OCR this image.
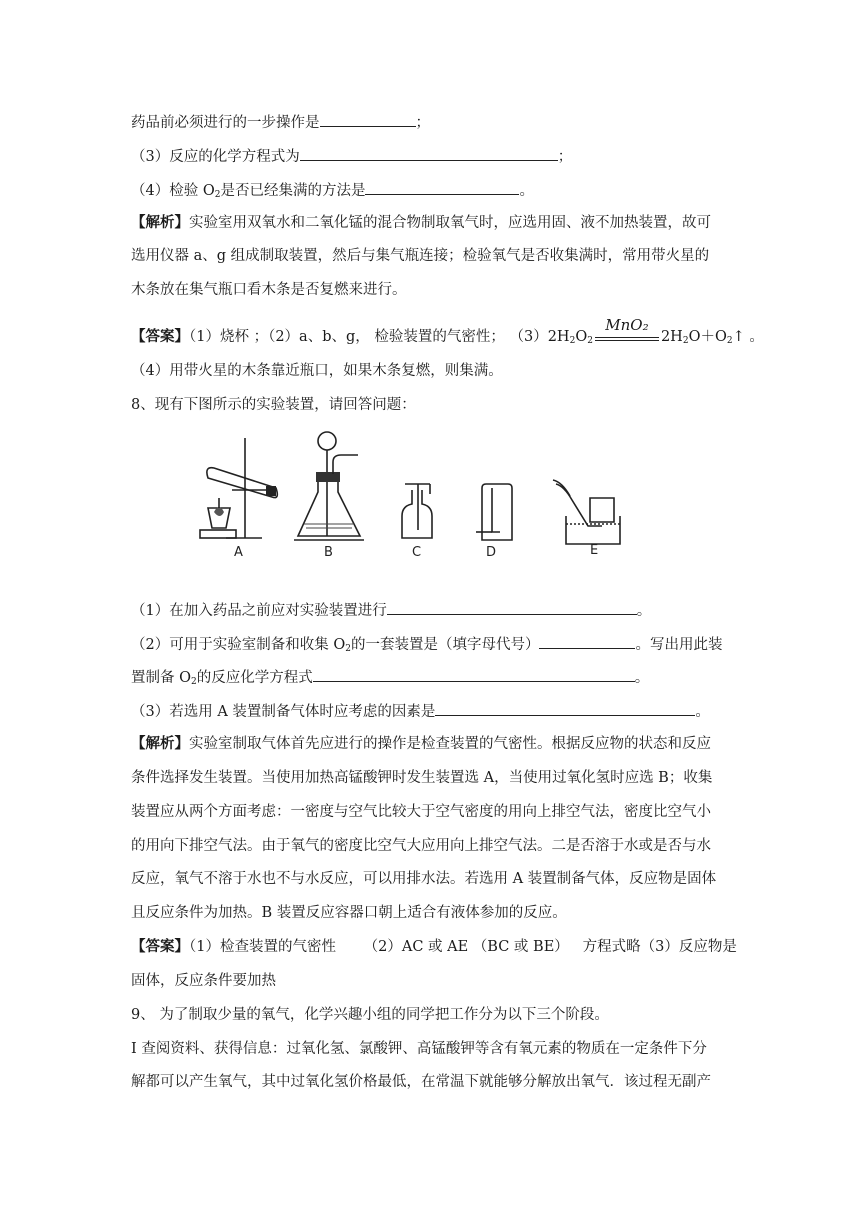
药品前必须进行的一步操作是	；
（3）反应的化学方程式为	；
（4）检验 $O_2$是否已经集满的方法是	。
【解析】实验室用双氧水和二氧化锰的混合物制取氧气时，应选用固、液不加热装置，故可
选用仪器 a、g 组成制取装置，然后与集气瓶连接；检验氧气是否收集满时，常用带火星的
木条放在集气瓶口看木条是否复燃来进行。
【答案】（1）烧杯 ；（2）a、b、g， 检验装置的气密性； $(3)2H_2O_2$
MnO₂
$2H_2O+O_2↑$ 。
（4）用带火星的木条靠近瓶口，如果木条复燃，则集满。
8、现有下图所示的实验装置，请回答问题：
A	B	C	D	E
（1）在加入药品之前应对实验装置进行	。
（2）可用于实验室制备和收集 $O_2$的一套装置是（填字母代号）	。写出用此装
置制备 $O_2$的反应化学方程式	。
（3）若选用 A 装置制备气体时应考虑的因素是	。
【解析】实验室制取气体首先应进行的操作是检查装置的气密性。根据反应物的状态和反应
条件选择发生装置。当使用加热高锰酸钾时发生装置选 A，当使用过氧化氢时应选 B；收集
装置应从两个方面考虑：一密度与空气比较大于空气密度的用向上排空气法，密度比空气小
的用向下排空气法。由于氧气的密度比空气大应用向上排空气法。二是否溶于水或是否与水
反应，氧气不溶于水也不与水反应，可以用排水法。若选用 A 装置制备气体，反应物是固体
且反应条件为加热。B 装置反应容器口朝上适合有液体参加的反应。
【答案】（1）检查装置的气密性      （2）AC 或 AE （BC 或 BE）   方程式略（3）反应物是
固体，反应条件要加热
9、 为了制取少量的氧气，化学兴趣小组的同学把工作分为以下三个阶段。
Ⅰ 查阅资料、获得信息：过氧化氢、氯酸钾、高锰酸钾等含有氧元素的物质在一定条件下分
解都可以产生氧气，其中过氧化氢价格最低，在常温下就能够分解放出氧气．该过程无副产
